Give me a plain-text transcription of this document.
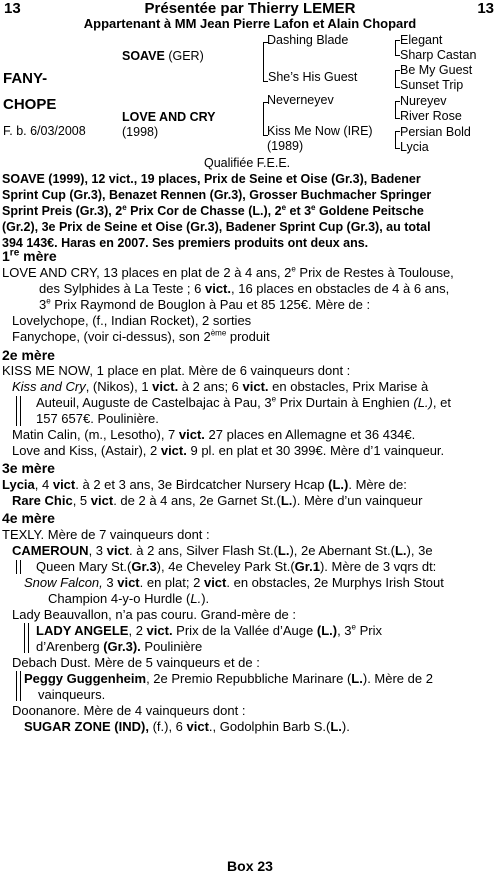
13	13
Présentée par Thierry LEMER
Appartenant à MM Jean Pierre Lafon et Alain Chopard
FANY-
CHOPE
F. b. 6/03/2008
SOAVE (GER)
LOVE AND CRY
(1998)
Dashing Blade
She’s His Guest
Neverneyev
Kiss Me Now (IRE)
(1989)
Elegant
Sharp Castan
Be My Guest
Sunset Trip
Nureyev
River Rose
Persian Bold
Lycia
Qualifiée F.E.E.
SOAVE (1999), 12 vict., 19 places, Prix de Seine et Oise (Gr.3), Badener
Sprint Cup (Gr.3), Benazet Rennen (Gr.3), Grosser Buchmacher Springer
Sprint Preis (Gr.3), 2e Prix Cor de Chasse (L.), 2e et 3e Goldene Peitsche
(Gr.2), 3e Prix de Seine et Oise (Gr.3), Badener Sprint Cup (Gr.3), au total
394 143€. Haras en 2007. Ses premiers produits ont deux ans.
1re mère
LOVE AND CRY, 13 places en plat de 2 à 4 ans, 2e Prix de Restes à Toulouse,
des Sylphides à La Teste ; 6 vict., 16 places en obstacles de 4 à 6 ans,
3e Prix Raymond de Bouglon à Pau et 85 125€. Mère de :
Lovelychope, (f., Indian Rocket), 2 sorties
Fanychope, (voir ci-dessus), son 2ème produit
2e mère
KISS ME NOW, 1 place en plat. Mère de 6 vainqueurs dont :
Kiss and Cry, (Nikos), 1 vict. à 2 ans; 6 vict. en obstacles, Prix Marise à
Auteuil, Auguste de Castelbajac à Pau, 3e Prix Durtain à Enghien (L.), et
157 657€. Poulinière.
Matin Calin, (m., Lesotho), 7 vict. 27 places en Allemagne et 36 434€.
Love and Kiss, (Astair), 2 vict. 9 pl. en plat et 30 399€. Mère d’1 vainqueur.
3e mère
Lycia, 4 vict. à 2 et 3 ans, 3e Birdcatcher Nursery Hcap (L.). Mère de:
Rare Chic, 5 vict. de 2 à 4 ans, 2e Garnet St.(L.). Mère d’un vainqueur
4e mère
TEXLY. Mère de 7 vainqueurs dont :
CAMEROUN, 3 vict. à 2 ans, Silver Flash St.(L.), 2e Abernant St.(L.), 3e
Queen Mary St.(Gr.3), 4e Cheveley Park St.(Gr.1). Mère de 3 vqrs dt:
Snow Falcon, 3 vict. en plat; 2 vict. en obstacles, 2e Murphys Irish Stout
Champion 4-y-o Hurdle (L.).
Lady Beauvallon, n’a pas couru. Grand-mère de :
LADY ANGELE, 2 vict. Prix de la Vallée d’Auge (L.), 3e Prix
d’Arenberg (Gr.3). Poulinière
Debach Dust. Mère de 5 vainqueurs et de :
Peggy Guggenheim, 2e Premio Repubbliche Marinare (L.). Mère de 2
vainqueurs.
Doonanore. Mère de 4 vainqueurs dont :
SUGAR ZONE (IND), (f.), 6 vict., Godolphin Barb S.(L.).
Box 23
